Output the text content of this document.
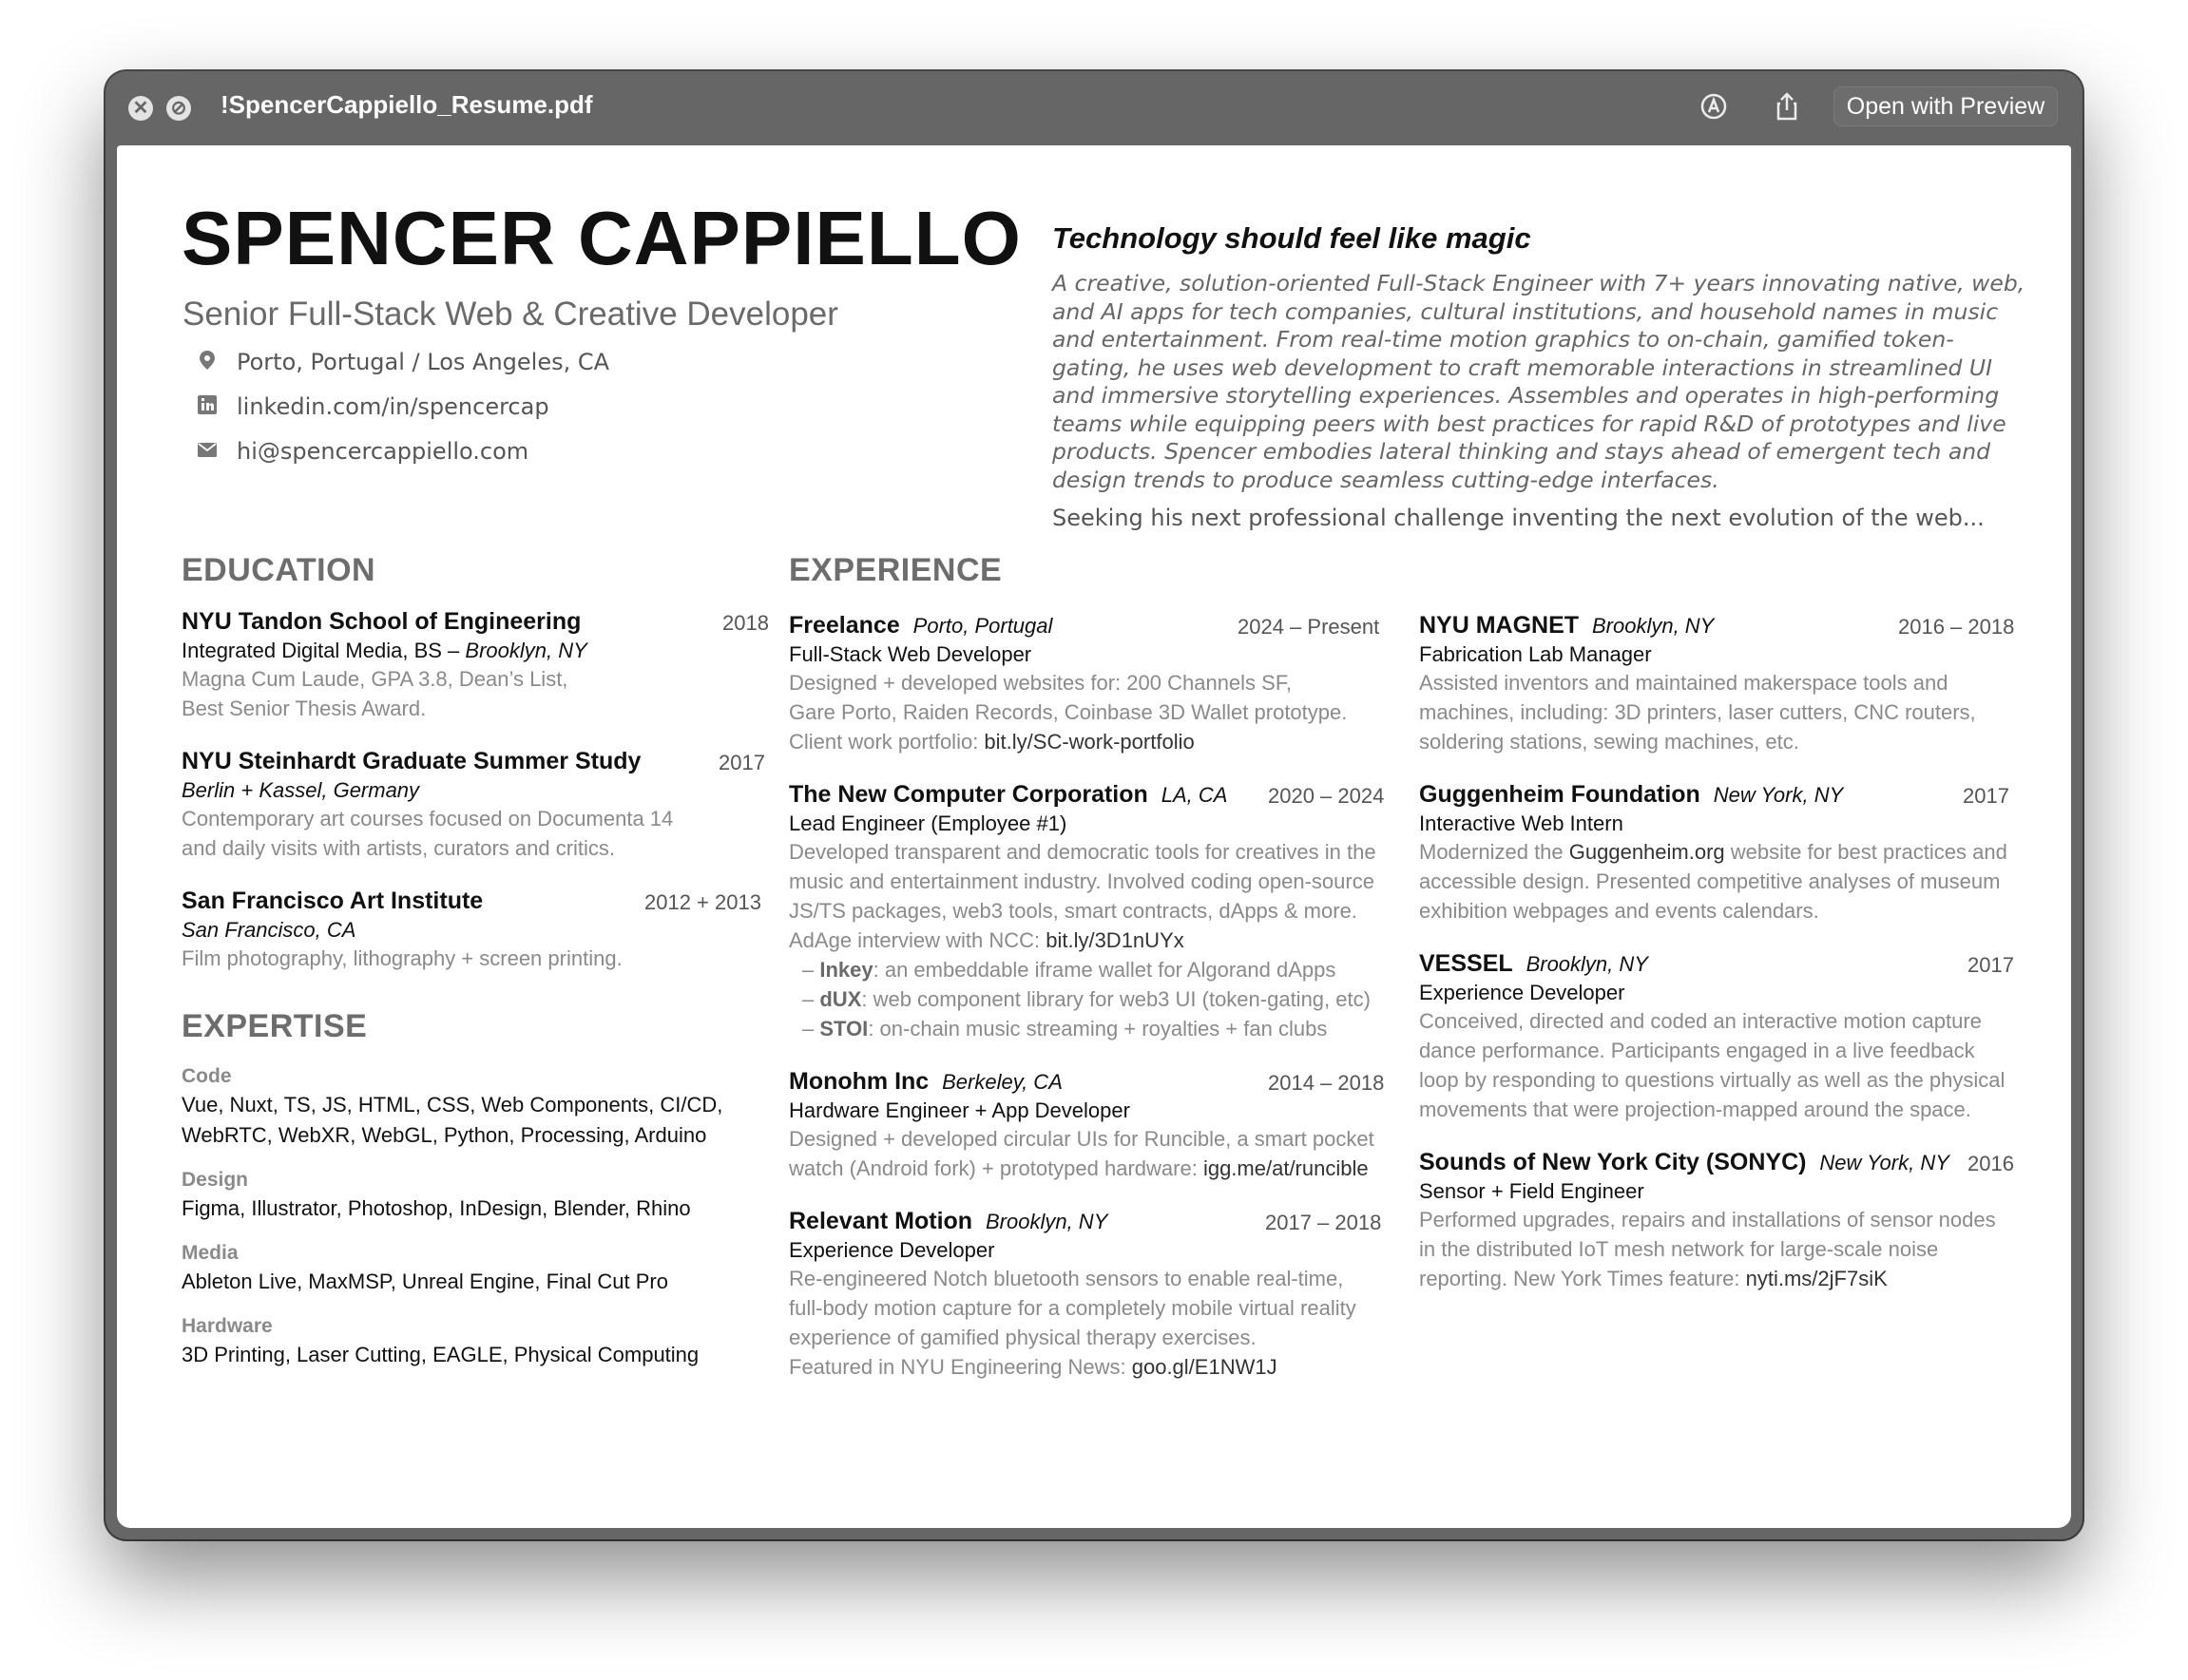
✕ ⊘ !SpencerCappiello_Resume.pdf	Open with Preview
SPENCER CAPPIELLO
Senior Full-Stack Web & Creative Developer
Porto, Portugal / Los Angeles, CA
linkedin.com/in/spencercap
hi@spencercappiello.com
Technology should feel like magic
A creative, solution-oriented Full-Stack Engineer with 7+ years innovating native, web, and AI apps for tech companies, cultural institutions, and household names in music and entertainment. From real-time motion graphics to on-chain, gamified token-gating, he uses web development to craft memorable interactions in streamlined UI and immersive storytelling experiences. Assembles and operates in high-performing teams while equipping peers with best practices for rapid R&D of prototypes and live products. Spencer embodies lateral thinking and stays ahead of emergent tech and design trends to produce seamless cutting-edge interfaces.
Seeking his next professional challenge inventing the next evolution of the web...
EDUCATION
NYU Tandon School of Engineering	2018
Integrated Digital Media, BS – Brooklyn, NY
Magna Cum Laude, GPA 3.8, Dean’s List,
Best Senior Thesis Award.
NYU Steinhardt Graduate Summer Study	2017
Berlin + Kassel, Germany
Contemporary art courses focused on Documenta 14
and daily visits with artists, curators and critics.
San Francisco Art Institute	2012 + 2013
San Francisco, CA
Film photography, lithography + screen printing.
EXPERTISE
Code
Vue, Nuxt, TS, JS, HTML, CSS, Web Components, CI/CD,
WebRTC, WebXR, WebGL, Python, Processing, Arduino
Design
Figma, Illustrator, Photoshop, InDesign, Blender, Rhino
Media
Ableton Live, MaxMSP, Unreal Engine, Final Cut Pro
Hardware
3D Printing, Laser Cutting, EAGLE, Physical Computing
EXPERIENCE
Freelance Porto, Portugal	2024 – Present
Full-Stack Web Developer
Designed + developed websites for: 200 Channels SF,
Gare Porto, Raiden Records, Coinbase 3D Wallet prototype.
Client work portfolio: bit.ly/SC-work-portfolio
The New Computer Corporation LA, CA 2020 – 2024
Lead Engineer (Employee #1)
Developed transparent and democratic tools for creatives in the
music and entertainment industry. Involved coding open-source
JS/TS packages, web3 tools, smart contracts, dApps & more.
AdAge interview with NCC: bit.ly/3D1nUYx
– Inkey: an embeddable iframe wallet for Algorand dApps
– dUX: web component library for web3 UI (token-gating, etc)
– STOI: on-chain music streaming + royalties + fan clubs
Monohm Inc Berkeley, CA	2014 – 2018
Hardware Engineer + App Developer
Designed + developed circular UIs for Runcible, a smart pocket
watch (Android fork) + prototyped hardware: igg.me/at/runcible
Relevant Motion Brooklyn, NY	2017 – 2018
Experience Developer
Re-engineered Notch bluetooth sensors to enable real-time,
full-body motion capture for a completely mobile virtual reality
experience of gamified physical therapy exercises.
Featured in NYU Engineering News: goo.gl/E1NW1J
NYU MAGNET Brooklyn, NY	2016 – 2018
Fabrication Lab Manager
Assisted inventors and maintained makerspace tools and
machines, including: 3D printers, laser cutters, CNC routers,
soldering stations, sewing machines, etc.
Guggenheim Foundation New York, NY	2017
Interactive Web Intern
Modernized the Guggenheim.org website for best practices and
accessible design. Presented competitive analyses of museum
exhibition webpages and events calendars.
VESSEL Brooklyn, NY	2017
Experience Developer
Conceived, directed and coded an interactive motion capture
dance performance. Participants engaged in a live feedback
loop by responding to questions virtually as well as the physical
movements that were projection-mapped around the space.
Sounds of New York City (SONYC) New York, NY 2016
Sensor + Field Engineer
Performed upgrades, repairs and installations of sensor nodes
in the distributed IoT mesh network for large-scale noise
reporting. New York Times feature: nyti.ms/2jF7siK
